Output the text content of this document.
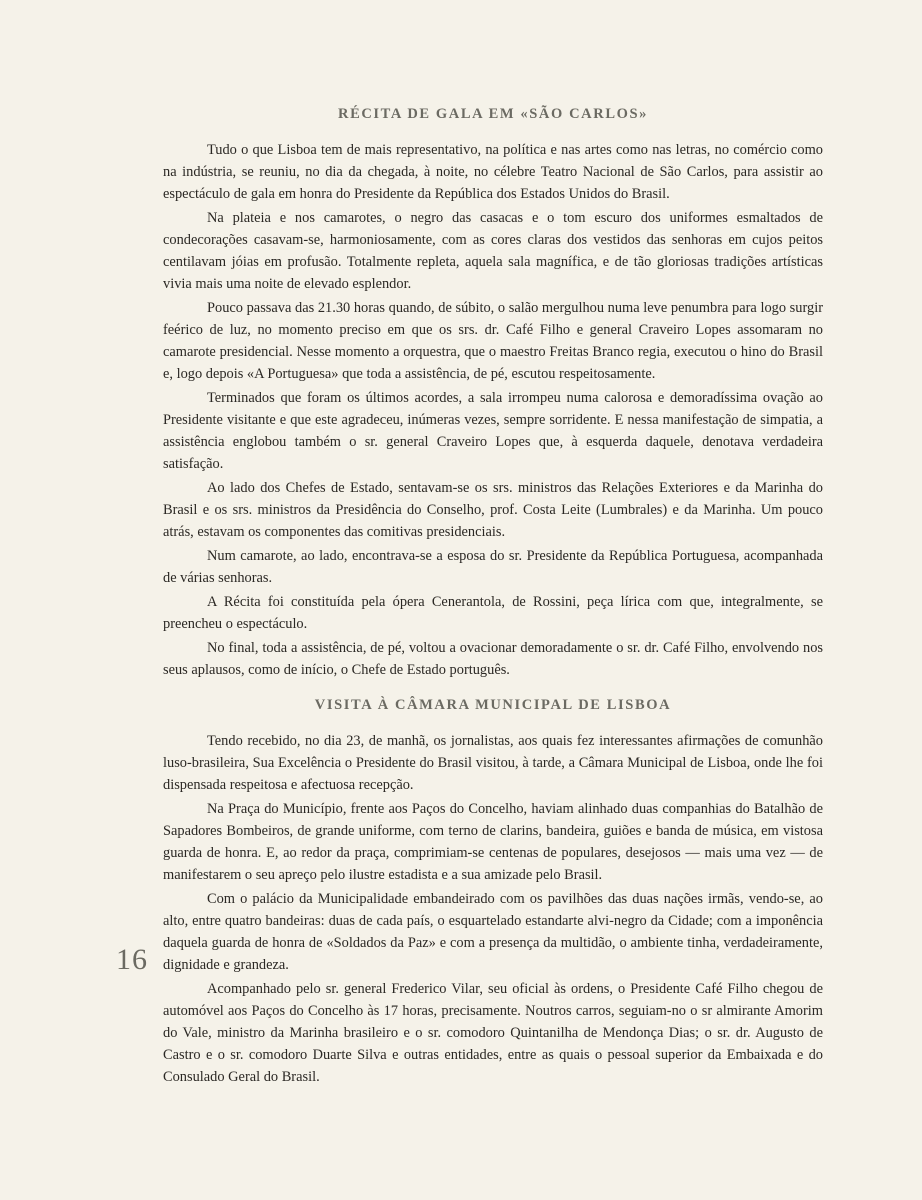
RÉCITA DE GALA EM «SÃO CARLOS»

Tudo o que Lisboa tem de mais representativo, na política e nas artes como nas letras, no comércio como na indústria, se reuniu, no dia da chegada, à noite, no célebre Teatro Nacional de São Carlos, para assistir ao espectáculo de gala em honra do Presidente da República dos Estados Unidos do Brasil.

Na plateia e nos camarotes, o negro das casacas e o tom escuro dos uniformes esmaltados de condecorações casavam-se, harmoniosamente, com as cores claras dos vestidos das senhoras em cujos peitos centilavam jóias em profusão. Totalmente repleta, aquela sala magnífica, e de tão gloriosas tradições artísticas vivia mais uma noite de elevado esplendor.

Pouco passava das 21.30 horas quando, de súbito, o salão mergulhou numa leve penumbra para logo surgir feérico de luz, no momento preciso em que os srs. dr. Café Filho e general Craveiro Lopes assomaram no camarote presidencial. Nesse momento a orquestra, que o maestro Freitas Branco regia, executou o hino do Brasil e, logo depois «A Portuguesa» que toda a assistência, de pé, escutou respeitosamente.

Terminados que foram os últimos acordes, a sala irrompeu numa calorosa e demoradíssima ovação ao Presidente visitante e que este agradeceu, inúmeras vezes, sempre sorridente. E nessa manifestação de simpatia, a assistência englobou também o sr. general Craveiro Lopes que, à esquerda daquele, denotava verdadeira satisfação.

Ao lado dos Chefes de Estado, sentavam-se os srs. ministros das Relações Exteriores e da Marinha do Brasil e os srs. ministros da Presidência do Conselho, prof. Costa Leite (Lumbrales) e da Marinha. Um pouco atrás, estavam os componentes das comitivas presidenciais.

Num camarote, ao lado, encontrava-se a esposa do sr. Presidente da República Portuguesa, acompanhada de várias senhoras.

A Récita foi constituída pela ópera Cenerantola, de Rossini, peça lírica com que, integralmente, se preencheu o espectáculo.

No final, toda a assistência, de pé, voltou a ovacionar demoradamente o sr. dr. Café Filho, envolvendo nos seus aplausos, como de início, o Chefe de Estado português.

VISITA À CÂMARA MUNICIPAL DE LISBOA

Tendo recebido, no dia 23, de manhã, os jornalistas, aos quais fez interessantes afirmações de comunhão luso-brasileira, Sua Excelência o Presidente do Brasil visitou, à tarde, a Câmara Municipal de Lisboa, onde lhe foi dispensada respeitosa e afectuosa recepção.

Na Praça do Município, frente aos Paços do Concelho, haviam alinhado duas companhias do Batalhão de Sapadores Bombeiros, de grande uniforme, com terno de clarins, bandeira, guiões e banda de música, em vistosa guarda de honra. E, ao redor da praça, comprimiam-se centenas de populares, desejosos — mais uma vez — de manifestarem o seu apreço pelo ilustre estadista e a sua amizade pelo Brasil.

Com o palácio da Municipalidade embandeirado com os pavilhões das duas nações irmãs, vendo-se, ao alto, entre quatro bandeiras: duas de cada país, o esquartelado estandarte alvi-negro da Cidade; com a imponência daquela guarda de honra de «Soldados da Paz» e com a presença da multidão, o ambiente tinha, verdadeiramente, dignidade e grandeza.

Acompanhado pelo sr. general Frederico Vilar, seu oficial às ordens, o Presidente Café Filho chegou de automóvel aos Paços do Concelho às 17 horas, precisamente. Noutros carros, seguiam-no o sr almirante Amorim do Vale, ministro da Marinha brasileiro e o sr. comodoro Quintanilha de Mendonça Dias; o sr. dr. Augusto de Castro e o sr. comodoro Duarte Silva e outras entidades, entre as quais o pessoal superior da Embaixada e do Consulado Geral do Brasil.

16
